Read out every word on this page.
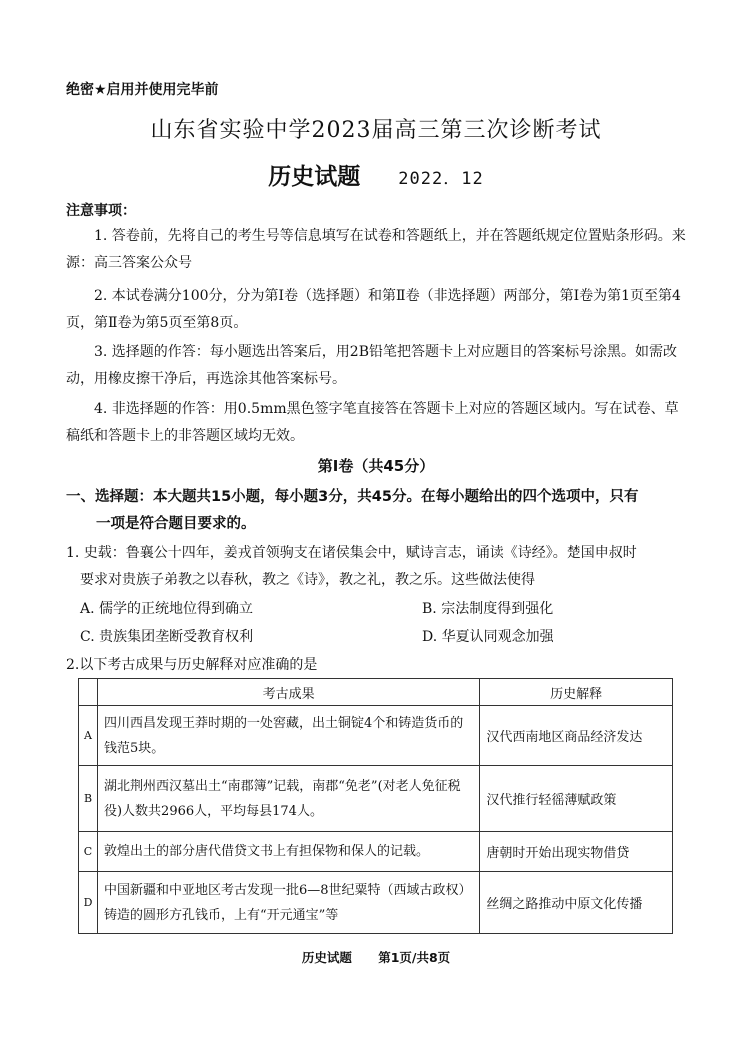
绝密★启用并使用完毕前
山东省实验中学2023届高三第三次诊断考试
历史试题 2022．12
注意事项：
1. 答卷前，先将自己的考生号等信息填写在试卷和答题纸上，并在答题纸规定位置贴条形码。来源：高三答案公众号
2. 本试卷满分100分，分为第Ⅰ卷（选择题）和第Ⅱ卷（非选择题）两部分，第Ⅰ卷为第1页至第4页，第Ⅱ卷为第5页至第8页。
3. 选择题的作答：每小题选出答案后，用2B铅笔把答题卡上对应题目的答案标号涂黑。如需改动，用橡皮擦干净后，再选涂其他答案标号。
4. 非选择题的作答：用0.5mm黑色签字笔直接答在答题卡上对应的答题区域内。写在试卷、草稿纸和答题卡上的非答题区域均无效。
第Ⅰ卷（共45分）
一、选择题：本大题共15小题，每小题3分，共45分。在每小题给出的四个选项中，只有
一项是符合题目要求的。
1. 史载：鲁襄公十四年，姜戎首领驹支在诸侯集会中，赋诗言志，诵读《诗经》。楚国申叔时
要求对贵族子弟教之以春秋，教之《诗》，教之礼，教之乐。这些做法使得
A. 儒学的正统地位得到确立	B. 宗法制度得到强化
C. 贵族集团垄断受教育权利	D. 华夏认同观念加强
2.以下考古成果与历史解释对应准确的是
	考古成果	历史解释
A	四川西昌发现王莽时期的一处窖藏，出土铜锭4个和铸造货币的钱范5块。	汉代西南地区商品经济发达
B	湖北荆州西汉墓出土“南郡簿”记载，南郡“免老”(对老人免征税役)人数共2966人，平均每县174人。	汉代推行轻徭薄赋政策
C	敦煌出土的部分唐代借贷文书上有担保物和保人的记载。	唐朝时开始出现实物借贷
D	中国新疆和中亚地区考古发现一批6—8世纪粟特（西域古政权）铸造的圆形方孔钱币，上有“开元通宝”等	丝绸之路推动中原文化传播
历史试题 第1页/共8页
